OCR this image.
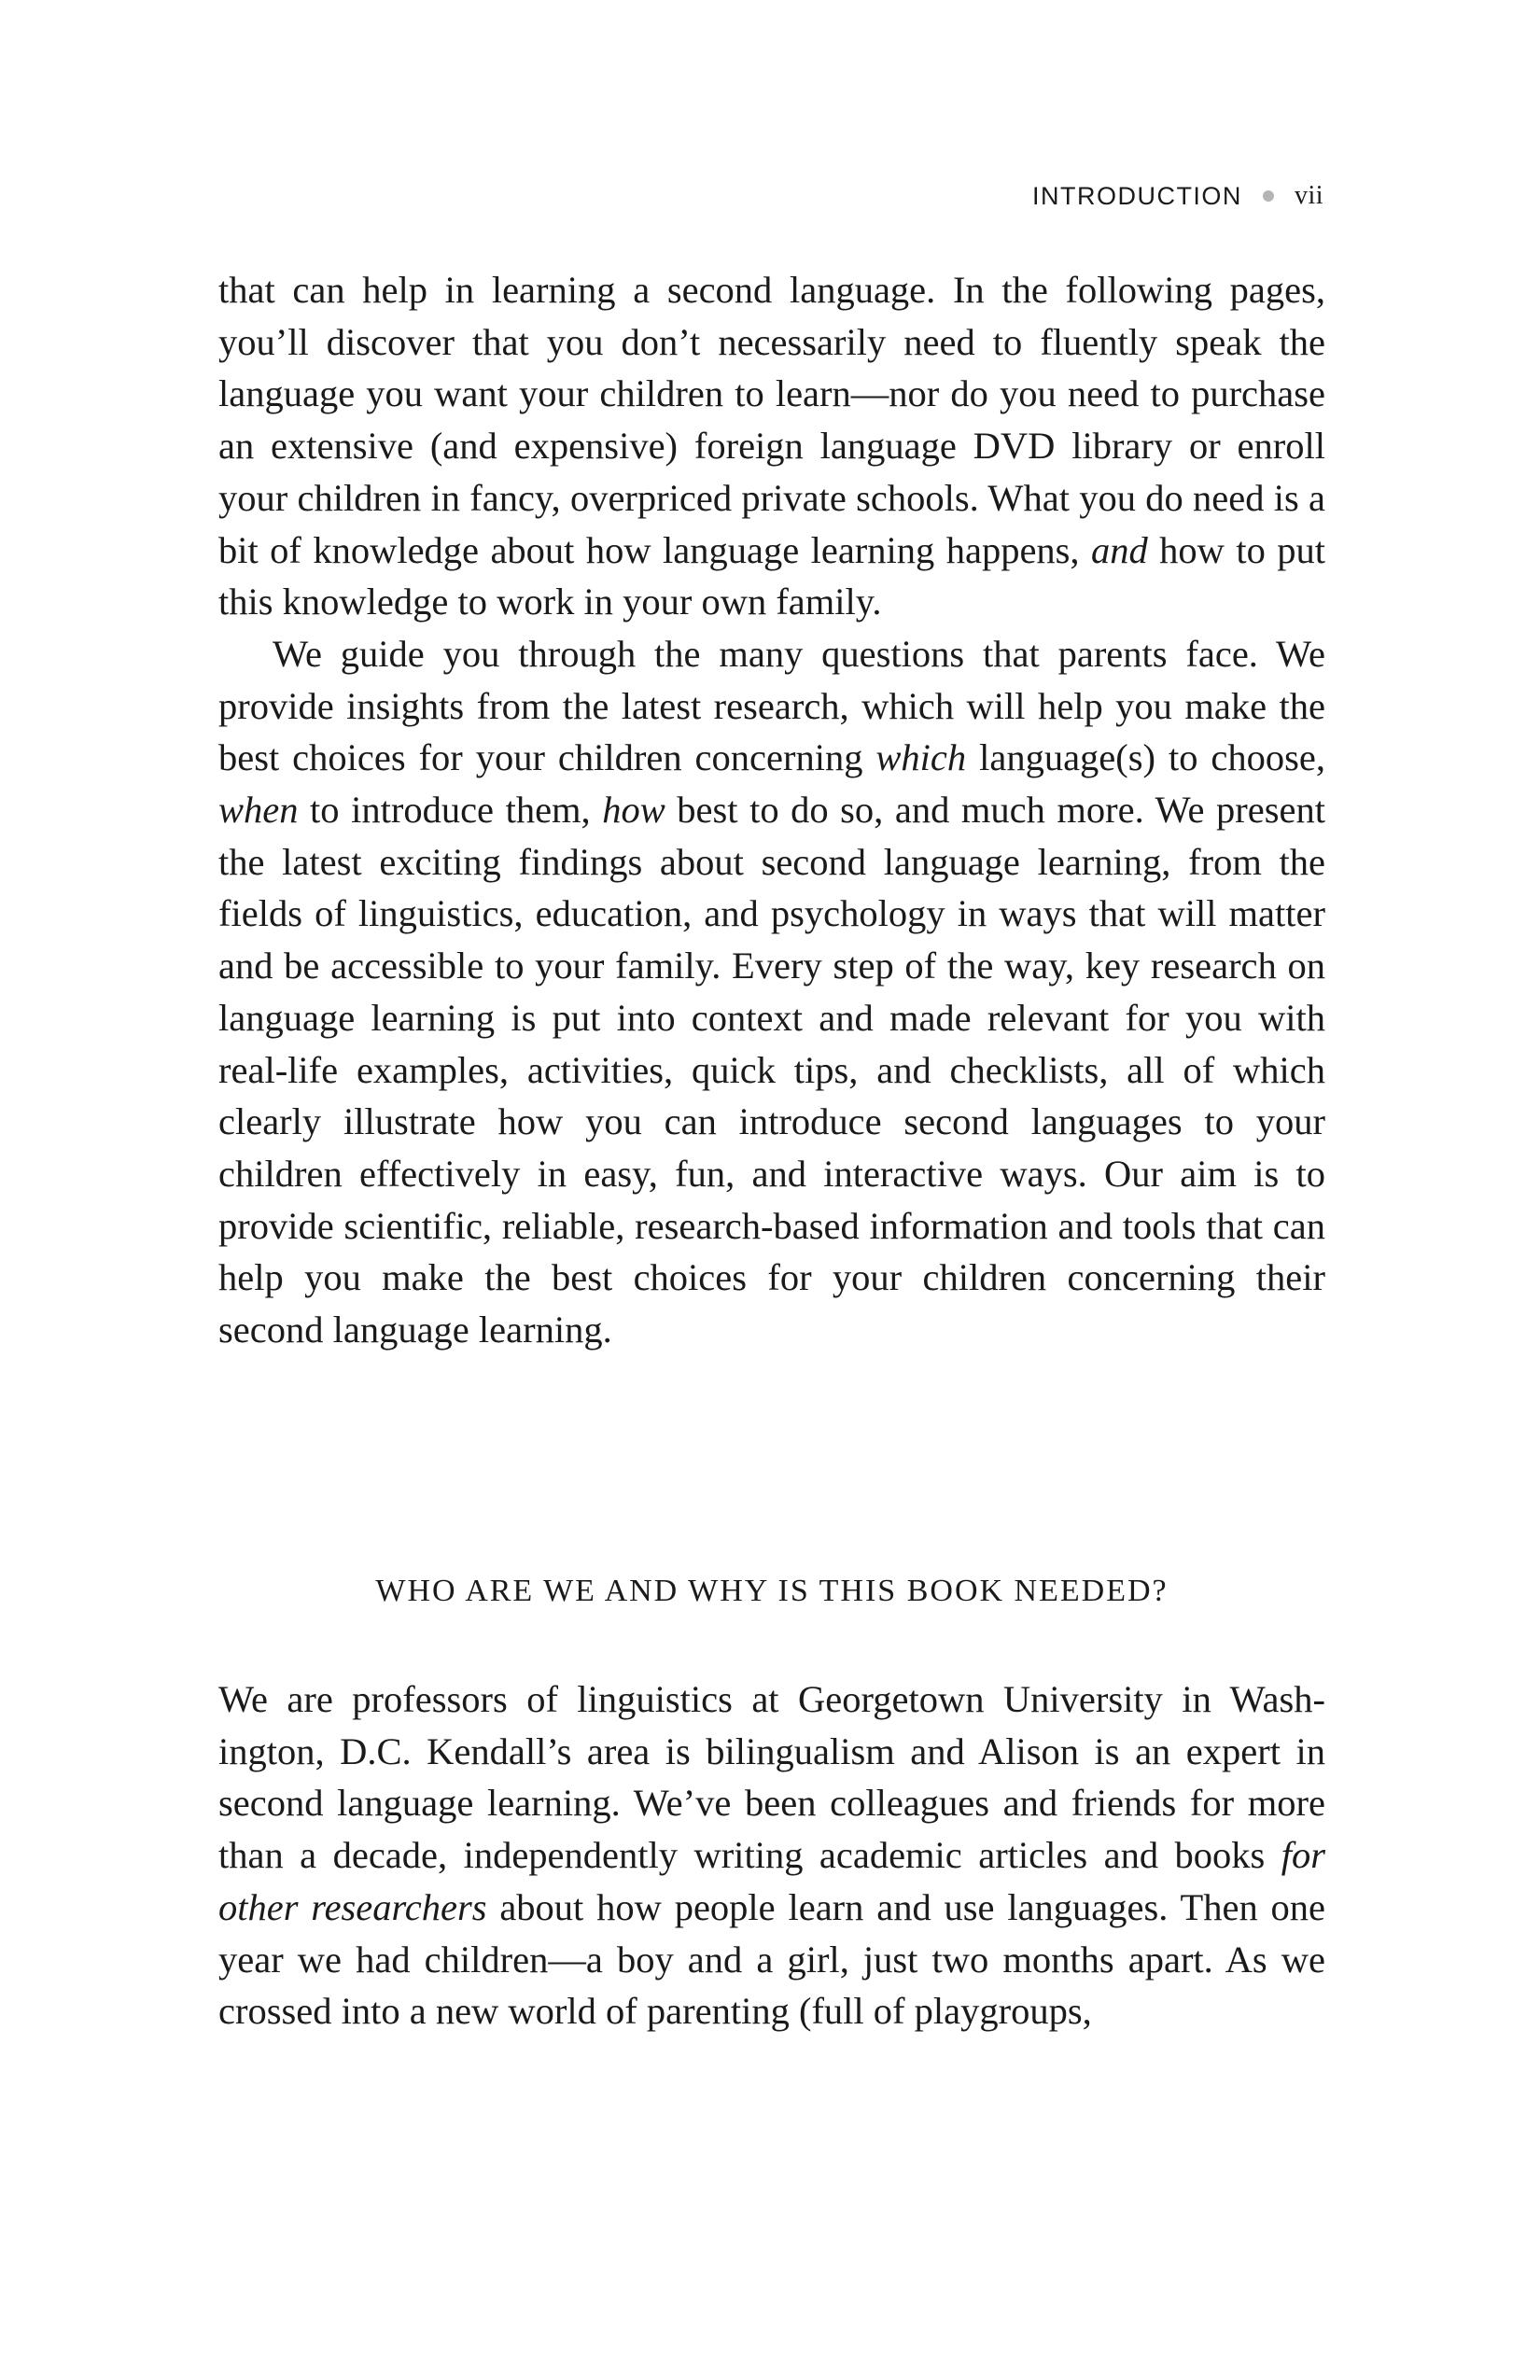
INTRODUCTION vii

that can help in learning a second language. In the following pages, you’ll discover that you don’t necessarily need to fluently speak the language you want your children to learn—nor do you need to purchase an extensive (and expensive) foreign language DVD library or enroll your children in fancy, overpriced private schools. What you do need is a bit of knowledge about how language learning happens, and how to put this knowledge to work in your own family.

We guide you through the many questions that parents face. We provide insights from the latest research, which will help you make the best choices for your children concerning which language(s) to choose, when to introduce them, how best to do so, and much more. We present the latest exciting findings about second language learning, from the fields of linguistics, education, and psychology in ways that will matter and be accessible to your family. Every step of the way, key research on language learning is put into context and made relevant for you with real-life examples, activities, quick tips, and checklists, all of which clearly illustrate how you can introduce second languages to your children effectively in easy, fun, and interactive ways. Our aim is to provide scientific, reliable, research-based information and tools that can help you make the best choices for your children concerning their second language learning.

WHO ARE WE AND WHY IS THIS BOOK NEEDED?

We are professors of linguistics at Georgetown University in Washington, D.C. Kendall’s area is bilingualism and Alison is an expert in second language learning. We’ve been colleagues and friends for more than a decade, independently writing academic articles and books for other researchers about how people learn and use languages. Then one year we had children—a boy and a girl, just two months apart. As we crossed into a new world of parenting (full of playgroups,
